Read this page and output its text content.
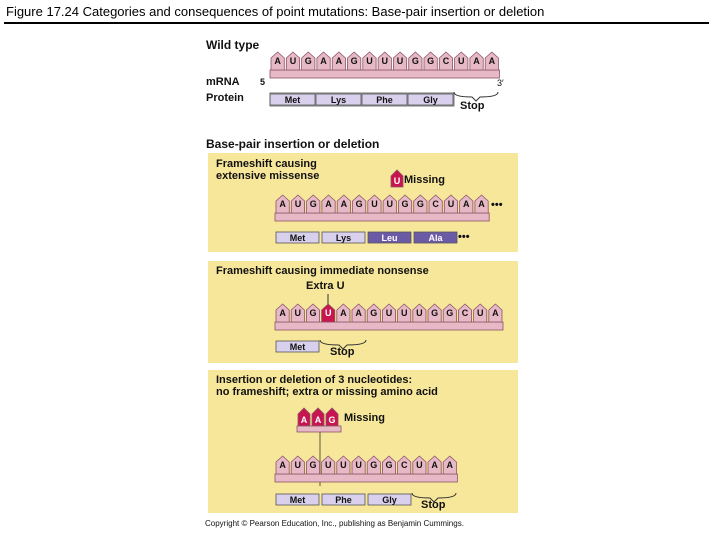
Figure 17.24 Categories and consequences of point mutations: Base-pair insertion or deletion
Wild type
mRNA
Protein
5	3′
Stop
Base-pair insertion or deletion
Frameshift causing
extensive missense	Missing
•••
•••
Frameshift causing immediate nonsense
Extra U
Stop
Insertion or deletion of 3 nucleotides:
no frameshift; extra or missing amino acid
Missing
Stop
Copyright © Pearson Education, Inc., publishing as Benjamin Cummings.
A U G A A G U U U G G C U A A
Met	Lys	Phe	Gly
U
A U G A A G U U G G C U A A
Met	Lys	Leu	Ala
A U G U A A G U U U G G C U A
Met
A A G
A U G U U U G G C U A A
Met	Phe	Gly
